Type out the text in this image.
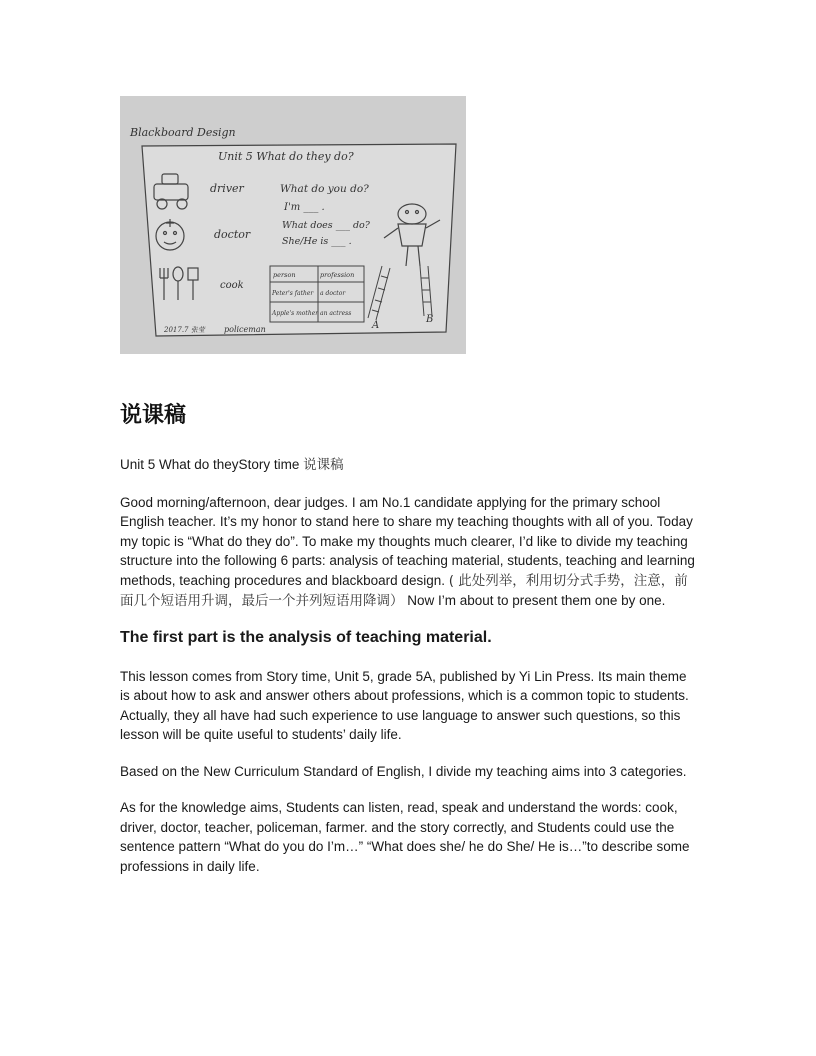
Blackboard Design
Unit 5 What do they do?
driver
doctor
cook
What do you do?
I'm ___ .
What does ___ do?
She/He is ___ .
person	profession
Peter's father a doctor
Apple's mother an actress
A
B
2017.7 张莹 policeman
说课稿

Unit 5 What do theyStory time 说课稿

Good morning/afternoon, dear judges. I am No.1 candidate applying for the primary school English teacher. It’s my honor to stand here to share my teaching thoughts with all of you. Today my topic is “What do they do”. To make my thoughts much clearer, I’d like to divide my teaching structure into the following 6 parts: analysis of teaching material, students, teaching and learning methods, teaching procedures and blackboard design. ( 此处列举，利用切分式手势，注意，前面几个短语用升调，最后一个并列短语用降调） Now I’m about to present them one by one.

The first part is the analysis of teaching material.

This lesson comes from Story time, Unit 5, grade 5A, published by Yi Lin Press. Its main theme is about how to ask and answer others about professions, which is a common topic to students. Actually, they all have had such experience to use language to answer such questions, so this lesson will be quite useful to students’ daily life.

Based on the New Curriculum Standard of English, I divide my teaching aims into 3 categories.

As for the knowledge aims, Students can listen, read, speak and understand the words: cook, driver, doctor, teacher, policeman, farmer. and the story correctly, and Students could use the sentence pattern “What do you do I’m…” “What does she/ he do She/ He is…”to describe some professions in daily life.
